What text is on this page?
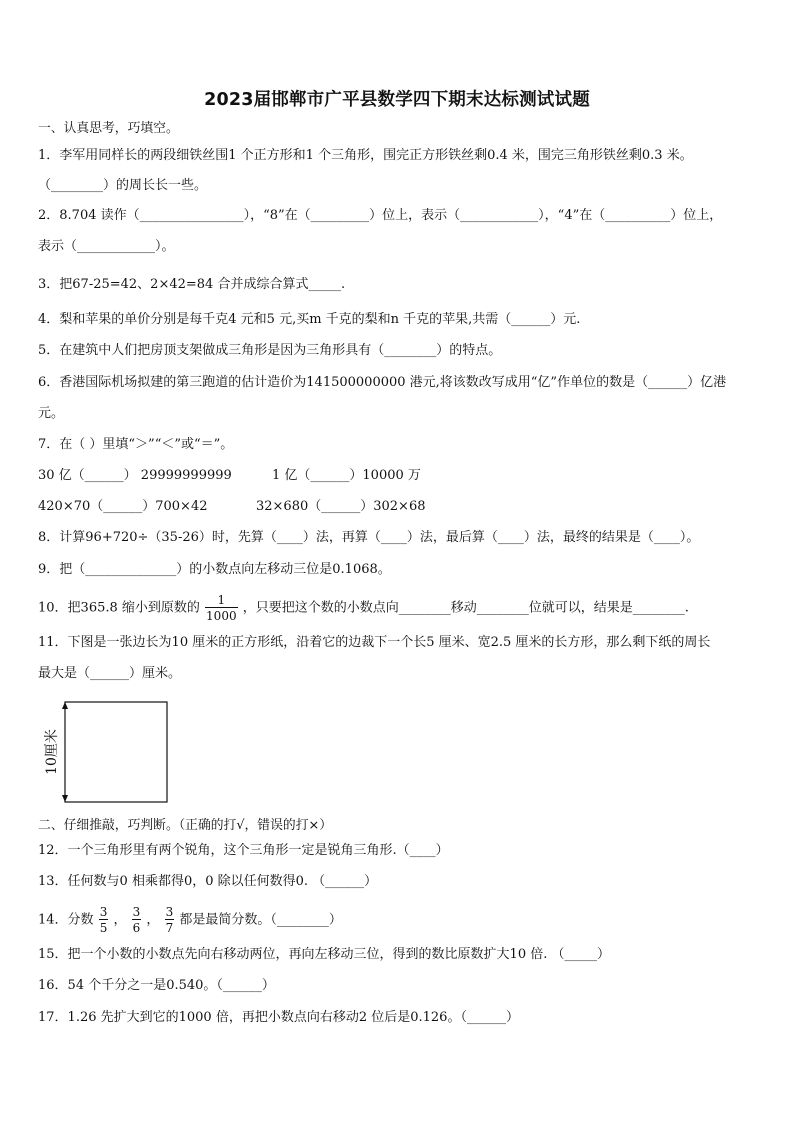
2023届邯郸市广平县数学四下期末达标测试试题
一、认真思考，巧填空。
1．李军用同样长的两段细铁丝围1 个正方形和1 个三角形，围完正方形铁丝剩0.4 米，围完三角形铁丝剩0.3 米。
（________）的周长长一些。
2．8.704 读作（________________），“8”在（_________）位上，表示（____________），“4”在（__________）位上，
表示（____________）。
3．把67-25=42、2×42=84 合并成综合算式_____.
4．梨和苹果的单价分别是每千克4 元和5 元,买m 千克的梨和n 千克的苹果,共需（______）元.
5．在建筑中人们把房顶支架做成三角形是因为三角形具有（________）的特点。
6．香港国际机场拟建的第三跑道的估计造价为141500000000 港元,将该数改写成用“亿”作单位的数是（______）亿港
元。
7．在（ ）里填“＞”“＜”或“＝”。
30 亿（______） 29999999999	1 亿（______）10000 万
420×70（______）700×42	32×680（______）302×68
8．计算96+720÷（35-26）时，先算（____）法，再算（____）法，最后算（____）法，最终的结果是（____）。
9．把（______________）的小数点向左移动三位是0.1068。
10．把365.8 缩小到原数的 $\frac{1}{1000}$ ，只要把这个数的小数点向________移动________位就可以，结果是________.
11．下图是一张边长为10 厘米的正方形纸，沿着它的边裁下一个长5 厘米、宽2.5 厘米的长方形，那么剩下纸的周长
最大是（______）厘米。
10厘米
二、仔细推敲，巧判断。（正确的打√，错误的打×）
12．一个三角形里有两个锐角，这个三角形一定是锐角三角形.（____）
13．任何数与0 相乘都得0，0 除以任何数得0. （______）
14．分数 $\frac{3}{5}$ ， $\frac{3}{6}$ ， $\frac{3}{7}$ 都是最简分数。（________）
15．把一个小数的小数点先向右移动两位，再向左移动三位，得到的数比原数扩大10 倍. （_____）
16．54 个千分之一是0.540。（______）
17．1.26 先扩大到它的1000 倍，再把小数点向右移动2 位后是0.126。（______）
